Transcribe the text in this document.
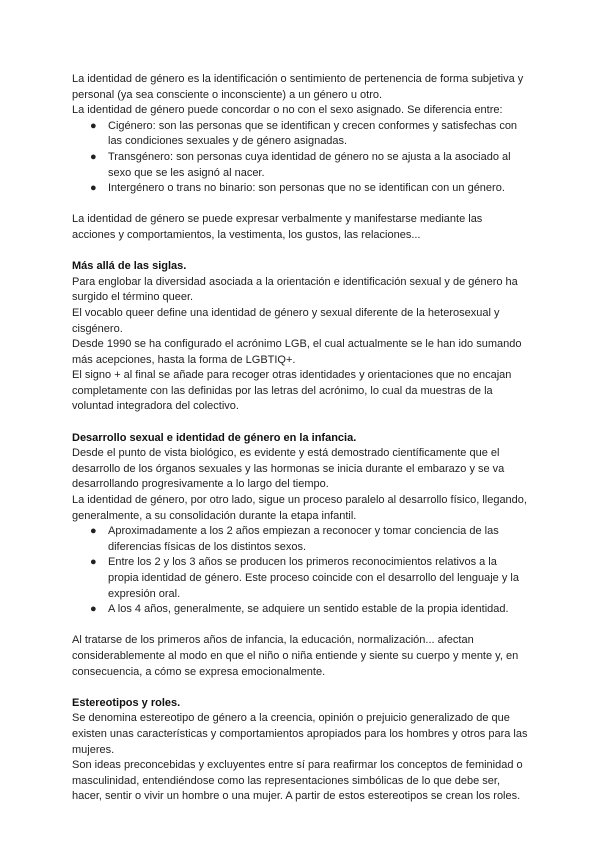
La identidad de género es la identificación o sentimiento de pertenencia de forma subjetiva y personal (ya sea consciente o inconsciente) a un género u otro.

La identidad de género puede concordar o no con el sexo asignado. Se diferencia entre:

●	Cigénero: son las personas que se identifican y crecen conformes y satisfechas con las condiciones sexuales y de género asignadas.
●	Transgénero: son personas cuya identidad de género no se ajusta a la asociado al sexo que se les asignó al nacer.
●	Intergénero o trans no binario: son personas que no se identifican con un género.

La identidad de género se puede expresar verbalmente y manifestarse mediante las acciones y comportamientos, la vestimenta, los gustos, las relaciones...

Más allá de las siglas.

Para englobar la diversidad asociada a la orientación e identificación sexual y de género ha surgido el término queer.

El vocablo queer define una identidad de género y sexual diferente de la heterosexual y cisgénero.

Desde 1990 se ha configurado el acrónimo LGB, el cual actualmente se le han ido sumando más acepciones, hasta la forma de LGBTIQ+.

El signo + al final se añade para recoger otras identidades y orientaciones que no encajan completamente con las definidas por las letras del acrónimo, lo cual da muestras de la voluntad integradora del colectivo.

Desarrollo sexual e identidad de género en la infancia.

Desde el punto de vista biológico, es evidente y está demostrado científicamente que el desarrollo de los órganos sexuales y las hormonas se inicia durante el embarazo y se va desarrollando progresivamente a lo largo del tiempo.

La identidad de género, por otro lado, sigue un proceso paralelo al desarrollo físico, llegando, generalmente, a su consolidación durante la etapa infantil.

●	Aproximadamente a los 2 años empiezan a reconocer y tomar conciencia de las diferencias físicas de los distintos sexos.
●	Entre los 2 y los 3 años se producen los primeros reconocimientos relativos a la propia identidad de género. Este proceso coincide con el desarrollo del lenguaje y la expresión oral.
●	A los 4 años, generalmente, se adquiere un sentido estable de la propia identidad.

Al tratarse de los primeros años de infancia, la educación, normalización... afectan considerablemente al modo en que el niño o niña entiende y siente su cuerpo y mente y, en consecuencia, a cómo se expresa emocionalmente.

Estereotipos y roles.

Se denomina estereotipo de género a la creencia, opinión o prejuicio generalizado de que existen unas características y comportamientos apropiados para los hombres y otros para las mujeres.

Son ideas preconcebidas y excluyentes entre sí para reafirmar los conceptos de feminidad o masculinidad, entendiéndose como las representaciones simbólicas de lo que debe ser, hacer, sentir o vivir un hombre o una mujer. A partir de estos estereotipos se crean los roles.
